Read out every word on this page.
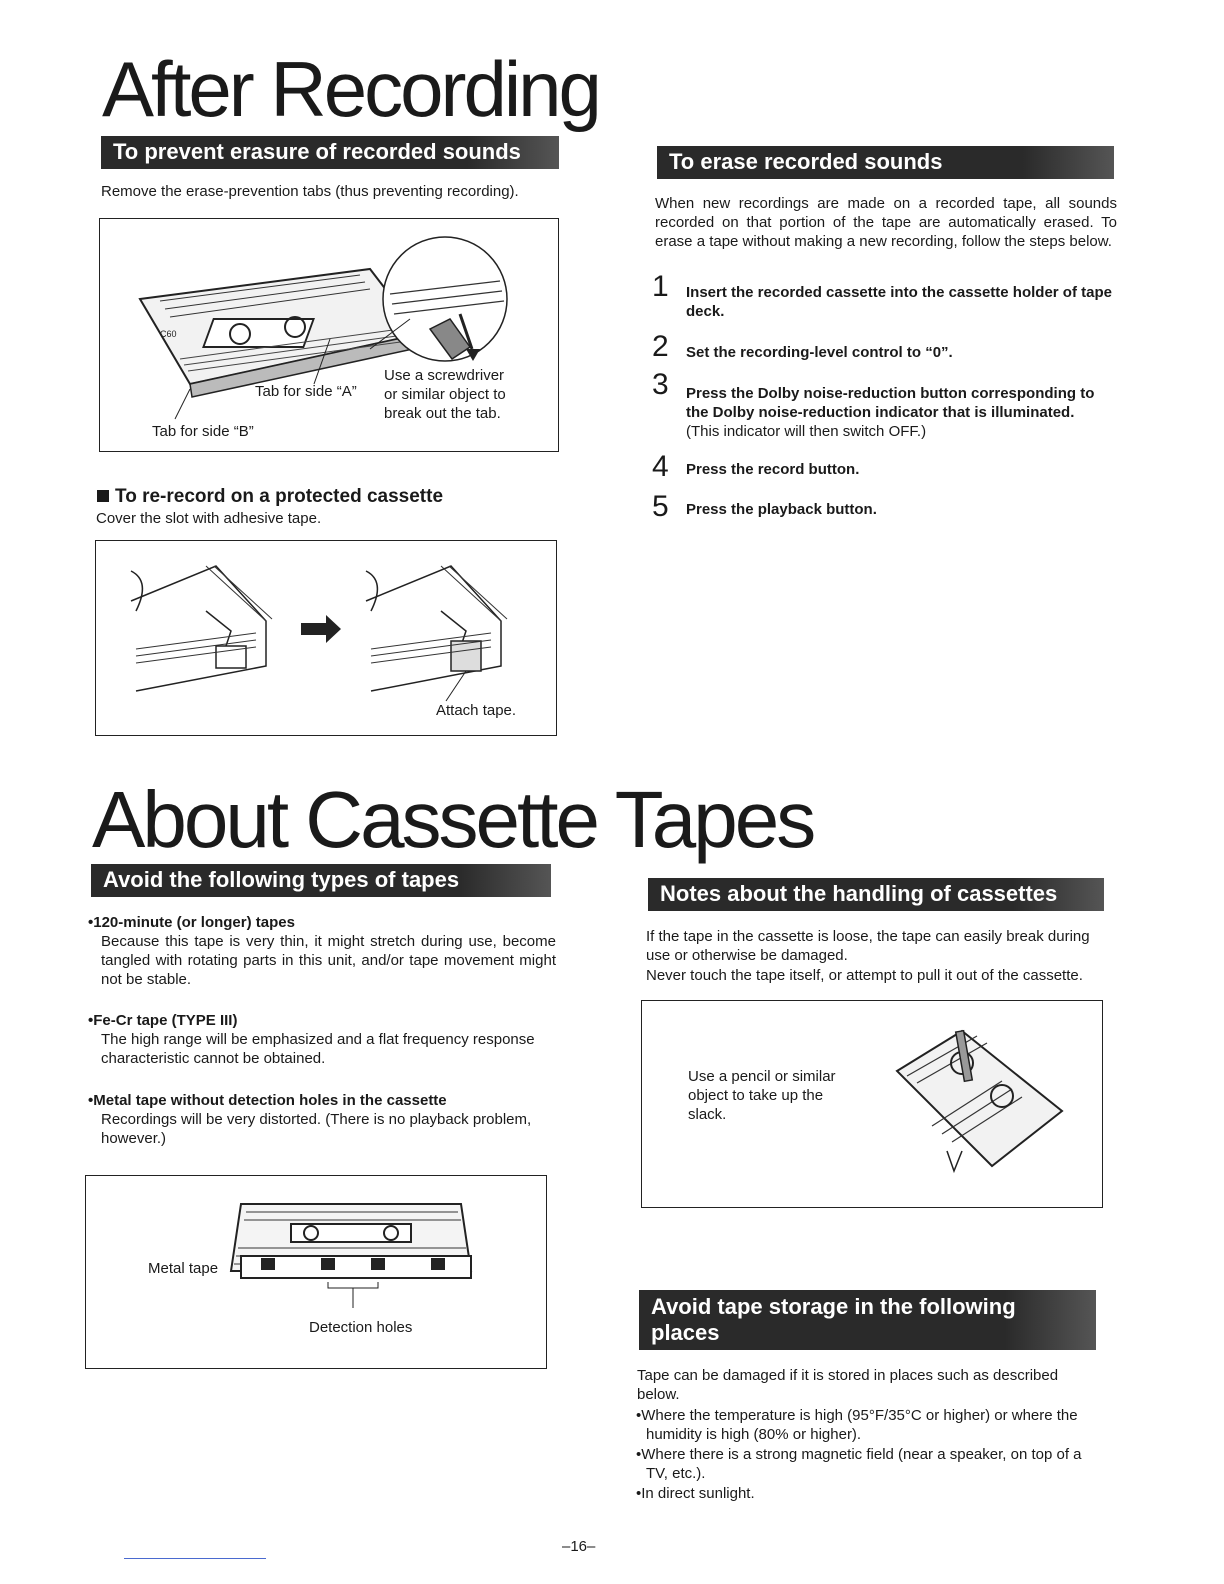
After Recording
To prevent erasure of recorded sounds

Remove the erase-prevention tabs (thus preventing recording).

C60
Tab for side “A”
Tab for side “B”
Use a screwdriver
or similar object to
break out the tab.
To re-record on a protected cassette

Cover the slot with adhesive tape.

Attach tape.
To erase recorded sounds

When new recordings are made on a recorded tape, all sounds recorded on that portion of the tape are automatically erased. To erase a tape without making a new recording, follow the steps below.

1 Insert the recorded cassette into the cassette holder of tape deck.
2 Set the recording-level control to “0”.
3 Press the Dolby noise-reduction button corresponding to the Dolby noise-reduction indicator that is illuminated.
(This indicator will then switch OFF.)
4 Press the record button.
5 Press the playback button.
About Cassette Tapes
Avoid the following types of tapes
•120-minute (or longer) tapes
Because this tape is very thin, it might stretch during use, become tangled with rotating parts in this unit, and/or tape movement might not be stable.
•Fe-Cr tape (TYPE III)
The high range will be emphasized and a flat frequency response characteristic cannot be obtained.
•Metal tape without detection holes in the cassette
Recordings will be very distorted. (There is no playback problem, however.)
Metal tape
Detection holes
Notes about the handling of cassettes

If the tape in the cassette is loose, the tape can easily break during use or otherwise be damaged.

Never touch the tape itself, or attempt to pull it out of the cassette.

Use a pencil or similar object to take up the slack.
Avoid tape storage in the following
places

Tape can be damaged if it is stored in places such as described below.

•Where the temperature is high (95°F/35°C or higher) or where the humidity is high (80% or higher).
•Where there is a strong magnetic field (near a speaker, on top of a TV, etc.).
•In direct sunlight.
–16–
